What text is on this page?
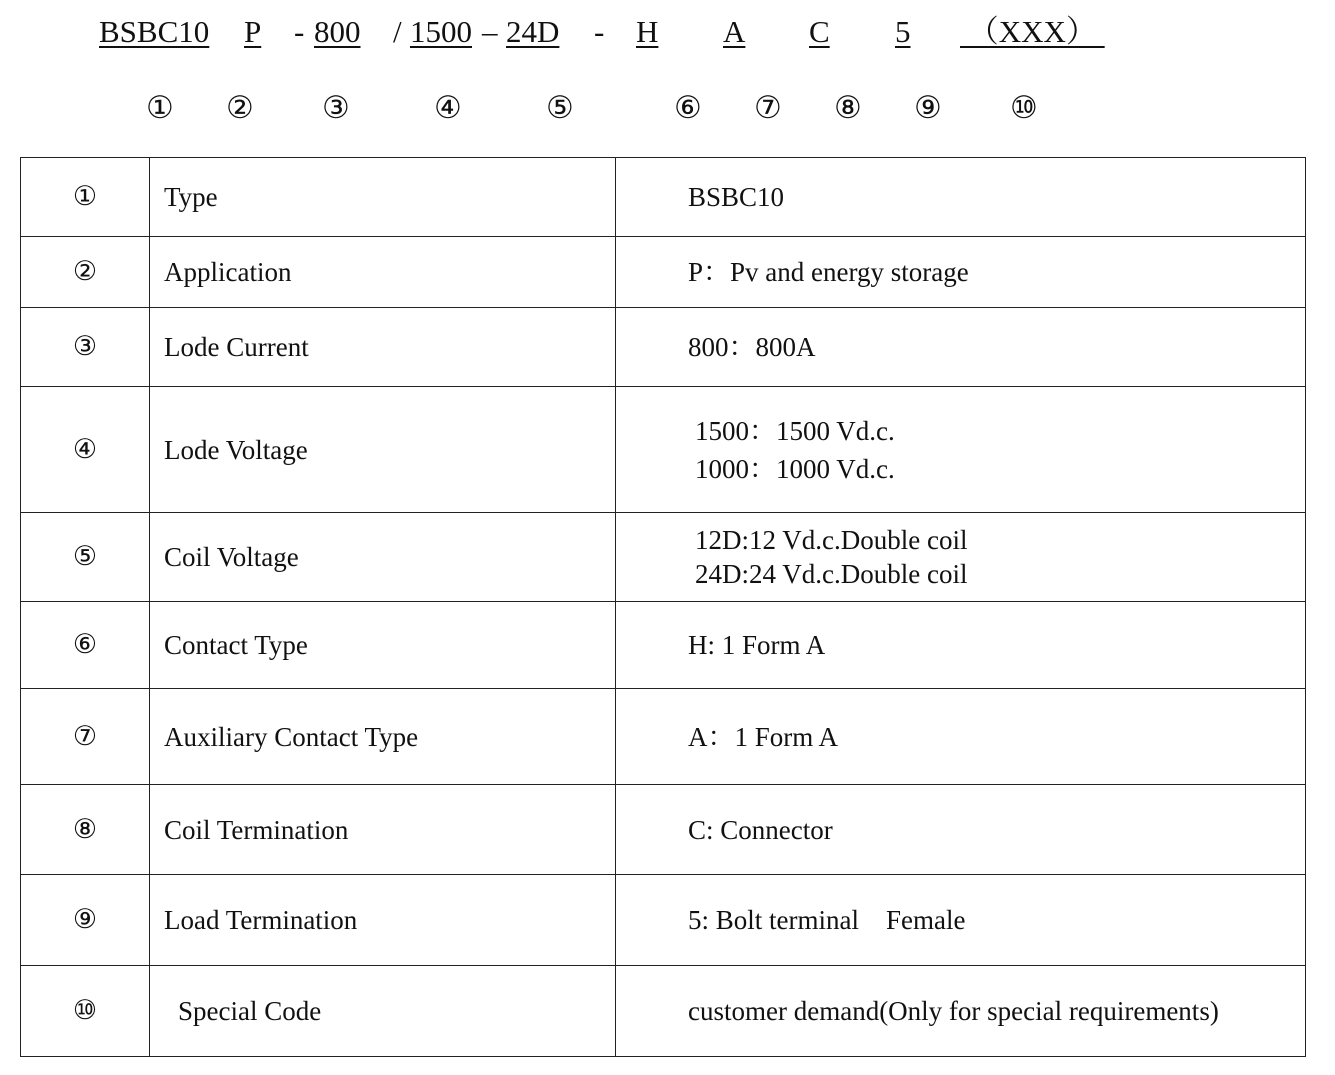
BSBC10 P - 800 / 1500 – 24D - H A C 5 （XXX）
① ② ③	④	⑤	⑥ ⑦ ⑧ ⑨ ⑩
①	Type	BSBC10

②	Application	P：Pv and energy storage

③	Lode Current	800：800A

④	Lode Voltage	1500：1500 Vd.c.
1000：1000 Vd.c.

⑤	Coil Voltage	12D:12 Vd.c.Double coil
24D:24 Vd.c.Double coil

⑥	Contact Type	H: 1 Form A

⑦	Auxiliary Contact Type	A：1 Form A

⑧	Coil Termination	C: Connector

⑨	Load Termination	5: Bolt terminal    Female

⑩	Special Code	customer demand(Only for special requirements)
